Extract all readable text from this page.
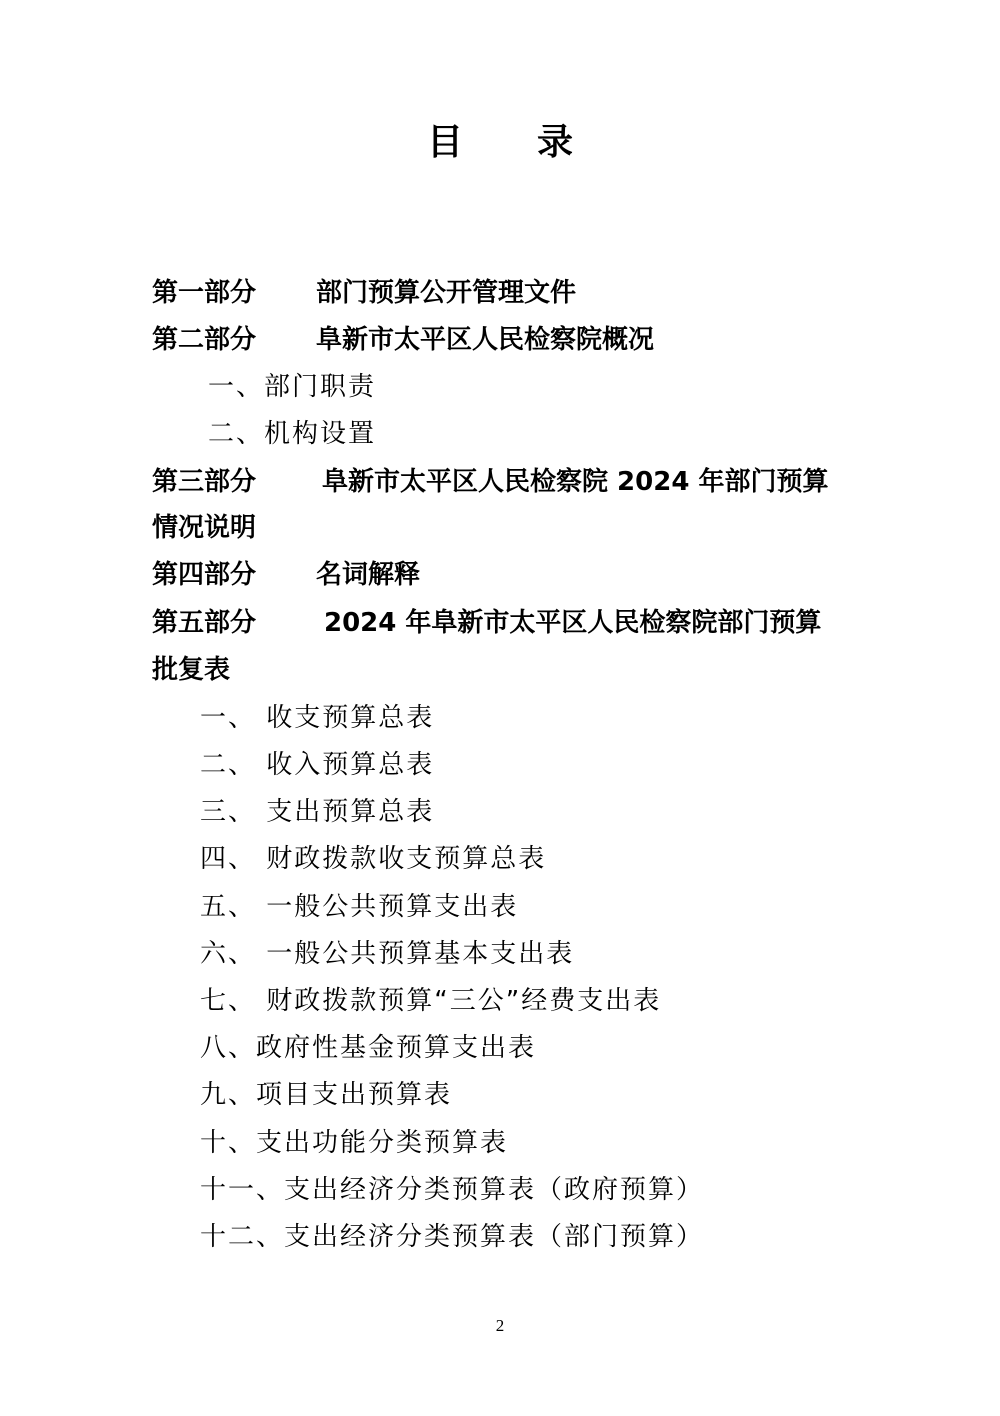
目录
第一部分 部门预算公开管理文件
第二部分 阜新市太平区人民检察院概况
一、部门职责
二、机构设置
第三部分	阜新市太平区人民检察院 2024 年部门预算
情况说明
第四部分 名词解释
第五部分	2024 年阜新市太平区人民检察院部门预算
批复表
一、 收支预算总表
二、 收入预算总表
三、 支出预算总表
四、 财政拨款收支预算总表
五、 一般公共预算支出表
六、 一般公共预算基本支出表
七、 财政拨款预算“三公”经费支出表
八、政府性基金预算支出表
九、项目支出预算表
十、支出功能分类预算表
十一、支出经济分类预算表（政府预算）
十二、支出经济分类预算表（部门预算）
2
